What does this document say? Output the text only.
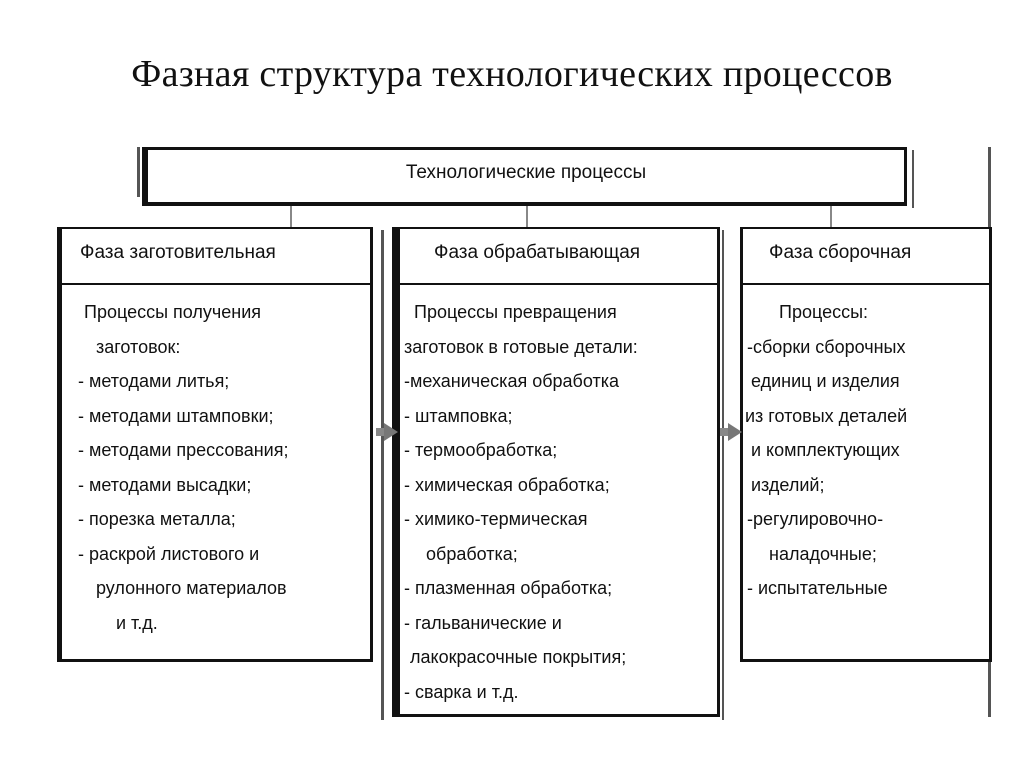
Фазная структура технологических процессов
Технологические процессы
Фаза заготовительная
Процессы получения
заготовок:
- методами литья;
- методами штамповки;
- методами прессования;
- методами высадки;
- порезка металла;
- раскрой листового и
рулонного материалов
и т.д.
Фаза обрабатывающая
Процессы превращения
заготовок в готовые детали:
-механическая обработка
- штамповка;
- термообработка;
- химическая обработка;
- химико-термическая
обработка;
- плазменная обработка;
- гальванические и
лакокрасочные покрытия;
- сварка и т.д.
Фаза сборочная
Процессы:
-сборки сборочных
единиц и изделия
из готовых деталей
и комплектующих
изделий;
-регулировочно-
наладочные;
- испытательные
